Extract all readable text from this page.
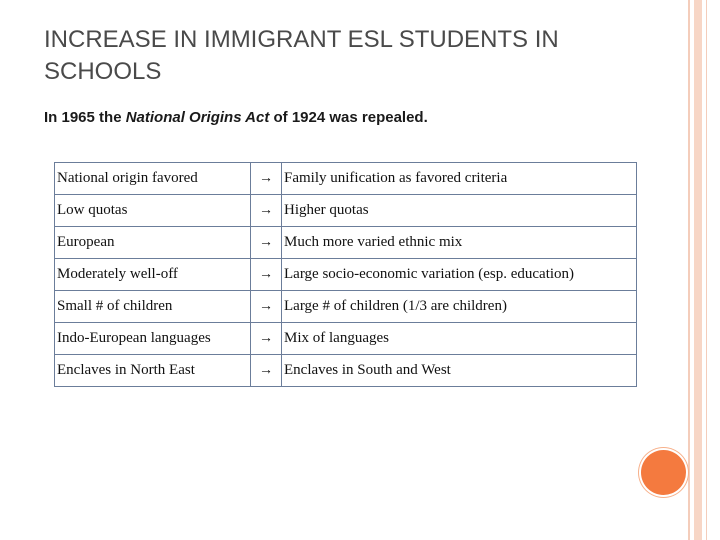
INCREASE IN IMMIGRANT ESL STUDENTS IN SCHOOLS
In 1965 the National Origins Act of 1924 was repealed.
National origin favored	→	Family unification as favored criteria
Low quotas	→	Higher quotas
European	→	Much more varied ethnic mix
Moderately well-off	→	Large socio-economic variation (esp. education)
Small # of children	→	Large # of children (1/3 are children)
Indo-European languages	→	Mix of languages
Enclaves in North East	→	Enclaves in South and West
